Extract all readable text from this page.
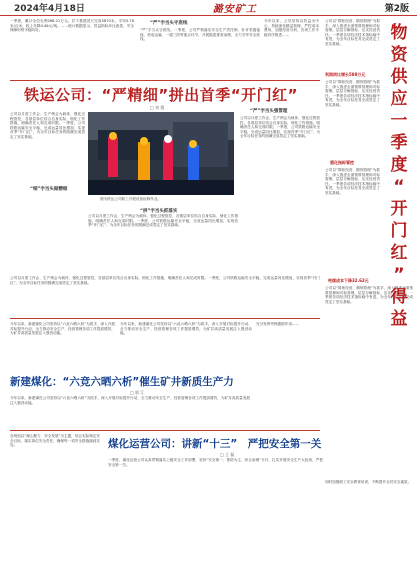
2024年4月18日	潞安矿工	第2版
一季度，累计全员毛利268.21万元。井下基建进尺完成5870米，平均5.78米/百米，较上年降0.46元/吨。……统计数据显示，效益指标环比改善，安全保障形势平稳向好。	“严”字当头守底线。一季度，公司严格落实安全生产责任制，针对采掘接续、机电运输、一通三防等重点环节，开展隐患排查治理，全力守牢安全底线。
“严”字当头守底线	今年以来，公司坚持以效益为中心，持续深化精益管理，严控成本费用，加强经营分析，各项工作平稳有序推进……
公司以“算账经营、精细管理”为抓手，深入推进全面预算管理和对标管理，层层分解指标，压实经营责任。一季度各项经济技术指标稳中有进，为全年目标任务完成奠定了坚实基础。
利润同比增长588万元
公司以“算账经营、精细管理”为抓手，深入推进全面预算管理和对标管理，层层分解指标，压实经营责任。一季度各项经济技术指标稳中有进，为全年目标任务完成奠定了坚实基础。
强化指标管控
公司以“算账经营、精细管理”为抓手，深入推进全面预算管理和对标管理，层层分解指标，压实经营责任。一季度各项经济技术指标稳中有进，为全年目标任务完成奠定了坚实基础。
吨煤成本下降32.62元
公司以“算账经营、精细管理”为抓手，深入推进全面预算管理和对标管理，层层分解指标，压实经营责任。一季度各项经济技术指标稳中有进，为全年目标任务完成奠定了坚实基础。
物
资
供
应
一
季
度
“
开
门
红
”
得
益
铁运公司：“严精细”拼出首季“开门红”
□ 刘 霞
公司以月度工作会、生产例会为载体，强化过程管控，各基层单位结合自身实际，细化工作措施，明确责任人和完成时限。一季度，公司铁路运输安全平稳，完成运量同比增加，实现首季“开门红”，为全年目标任务的圆满完成奠定了坚实基础。
“细”字当头做精细
图为铁运公司职工开展设备检修作业。
“严”字当头强管理
公司以月度工作会、生产例会为载体，强化过程管控，各基层单位结合自身实际，细化工作措施，明确责任人和完成时限。一季度，公司铁路运输安全平稳，完成运量同比增加，实现首季“开门红”，为全年目标任务的圆满完成奠定了坚实基础。
“拼”字当头抓落实
公司以月度工作会、生产例会为载体，强化过程管控，各基层单位结合自身实际，细化工作措施，明确责任人和完成时限。一季度，公司铁路运输安全平稳，完成运量同比增加，实现首季“开门红”，为全年目标任务的圆满完成奠定了坚实基础。
公司以月度工作会、生产例会为载体，强化过程管控，各基层单位结合自身实际，细化工作措施，明确责任人和完成时限。一季度，公司铁路运输安全平稳，完成运量同比增加，实现首季“开门红”，为全年目标任务的圆满完成奠定了坚实基础。
今年以来，新建煤化公司坚持以“六竞六晒六析”为抓手，深入开展对标提升行动，全力推动安全生产、经营管理各项工作提质增效，为矿井高质量发展注入强劲动能。
新建煤化：“六竞六晒六析”催生矿井新质生产力
□ 郭 江
今年以来，新建煤化公司坚持以“六竞六晒六析”为抓手，深入开展对标提升行动，全力推动安全生产、经营管理各项工作提质增效，为矿井高质量发展注入强劲动能。
充分发挥考核激励作用……
今年以来，新建煤化公司坚持以“六竞六晒六析”为抓手，深入开展对标提升行动，全力推动安全生产、经营管理各项工作提质增效，为矿井高质量发展注入强劲动能。
各班组以“凝心聚力、安全发展”为主题，结合实际制定安全目标，落实岗位安全责任，确保每一项安全措施落到实处。	煤化运营公司：讲新“十三”　严把安全第一关
□ 王 磊
一季度，煤化运营公司认真贯彻落实上级安全工作部署，坚持“安全第一、预防为主、综合治理”方针，扎实开展安全生产大检查，严把安全第一关。
同时加强职工安全教育培训，不断提升全员安全素质。
